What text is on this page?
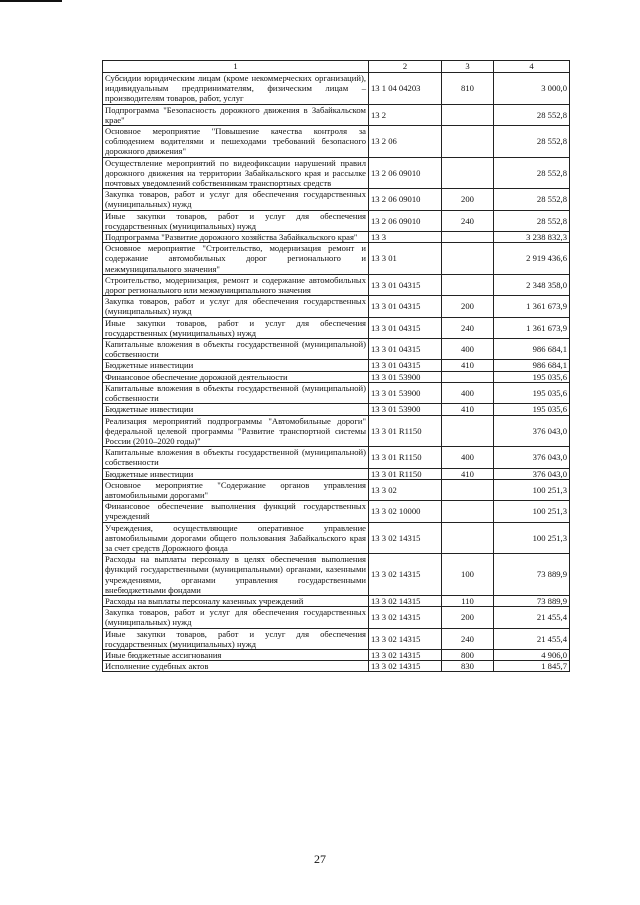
1	2	3	4
Субсидии юридическим лицам (кроме некоммерческих организаций), индивидуальным предпринимателям, физическим лицам – производителям товаров, работ, услуг	13 1 04 04203	810	3 000,0
Подпрограмма "Безопасность дорожного движения в Забайкальском крае"	13 2		28 552,8
Основное мероприятие "Повышение качества контроля за соблюдением водителями и пешеходами требований безопасного дорожного движения"	13 2 06		28 552,8
Осуществление мероприятий по видеофиксации нарушений правил дорожного движения на территории Забайкальского края и рассылке почтовых уведомлений собственникам транспортных средств	13 2 06 09010		28 552,8
Закупка товаров, работ и услуг для обеспечения государственных (муниципальных) нужд	13 2 06 09010	200	28 552,8
Иные закупки товаров, работ и услуг для обеспечения государственных (муниципальных) нужд	13 2 06 09010	240	28 552,8
Подпрограмма "Развитие дорожного хозяйства Забайкальского края"	13 3		3 238 832,3
Основное мероприятие "Строительство, модернизация ремонт и содержание автомобильных дорог регионального и межмуниципального значения"	13 3 01		2 919 436,6
Строительство, модернизация, ремонт и содержание автомобильных дорог регионального или межмуниципального значения	13 3 01 04315		2 348 358,0
Закупка товаров, работ и услуг для обеспечения государственных (муниципальных) нужд	13 3 01 04315	200	1 361 673,9
Иные закупки товаров, работ и услуг для обеспечения государственных (муниципальных) нужд	13 3 01 04315	240	1 361 673,9
Капитальные вложения в объекты государственной (муниципальной) собственности	13 3 01 04315	400	986 684,1
Бюджетные инвестиции	13 3 01 04315	410	986 684,1
Финансовое обеспечение дорожной деятельности	13 3 01 53900		195 035,6
Капитальные вложения в объекты государственной (муниципальной) собственности	13 3 01 53900	400	195 035,6
Бюджетные инвестиции	13 3 01 53900	410	195 035,6
Реализация мероприятий подпрограммы "Автомобильные дороги" федеральной целевой программы "Развитие транспортной системы России (2010–2020 годы)"	13 3 01 R1150		376 043,0
Капитальные вложения в объекты государственной (муниципальной) собственности	13 3 01 R1150	400	376 043,0
Бюджетные инвестиции	13 3 01 R1150	410	376 043,0
Основное мероприятие "Содержание органов управления автомобильными дорогами"	13 3 02		100 251,3
Финансовое обеспечение выполнения функций государственных учреждений	13 3 02 10000		100 251,3
Учреждения, осуществляющие оперативное управление автомобильными дорогами общего пользования Забайкальского края за счет средств Дорожного фонда	13 3 02 14315		100 251,3
Расходы на выплаты персоналу в целях обеспечения выполнения функций государственными (муниципальными) органами, казенными учреждениями, органами управления государственными внебюджетными фондами	13 3 02 14315	100	73 889,9
Расходы на выплаты персоналу казенных учреждений	13 3 02 14315	110	73 889,9
Закупка товаров, работ и услуг для обеспечения государственных (муниципальных) нужд	13 3 02 14315	200	21 455,4
Иные закупки товаров, работ и услуг для обеспечения государственных (муниципальных) нужд	13 3 02 14315	240	21 455,4
Иные бюджетные ассигнования	13 3 02 14315	800	4 906,0
Исполнение судебных актов	13 3 02 14315	830	1 845,7
27
